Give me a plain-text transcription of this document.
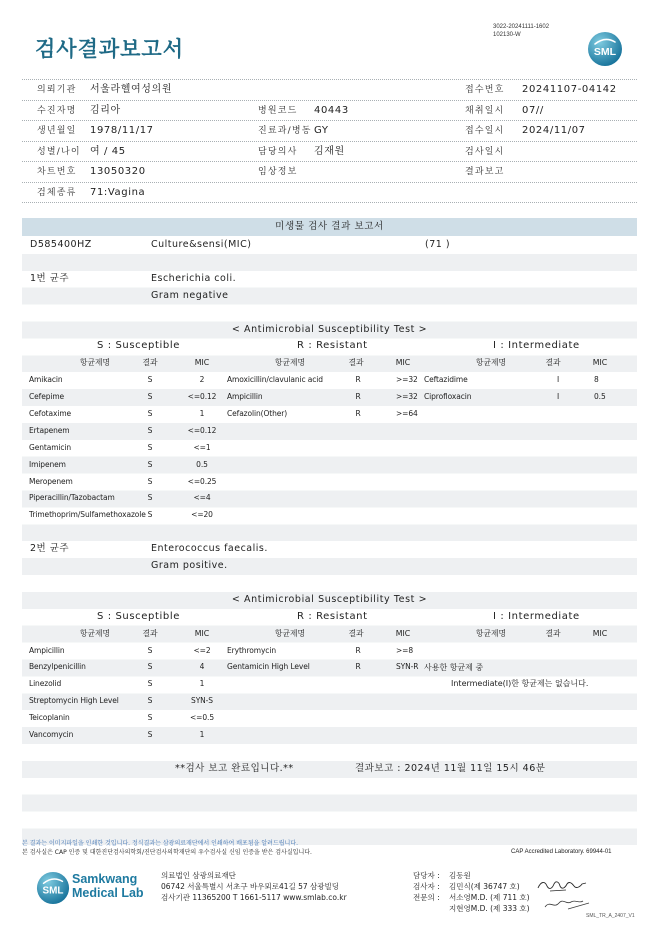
3022-20241111-1602
102130-W
검사결과보고서	SML
의뢰기관 서울라헬여성의원	접수번호 20241107-04142
수진자명 김리아	병원코드 40443	채취일시 07//
생년월일 1978/11/17	진료과/병동 GY	접수일시 2024/11/07
성별/나이 여 / 45	담당의사 김재원	검사일시
차트번호 13050320	임상정보	결과보고
검체종류 71:Vagina
미생물 검사 결과 보고서
D585400HZ	Culture&sensi(MIC)	(71 )
1번 균주	Escherichia coli.
Gram negative
< Antimicrobial Susceptibility Test >
S : Susceptible	R : Resistant	I : Intermediate
항균제명	결과	MIC	항균제명	결과	MIC	항균제명	결과	MIC
Amikacin	S	2	Amoxicillin/clavulanic acid	R	>=32 Ceftazidime	I	8
Cefepime	S	<=0.12	Ampicillin	R	>=32 Ciprofloxacin	I	0.5
Cefotaxime	S	1	Cefazolin(Other)	R	>=64
Ertapenem	S	<=0.12
Gentamicin	S	<=1
Imipenem	S	0.5
Meropenem	S	<=0.25
Piperacillin/Tazobactam	S	<=4
Trimethoprim/Sulfamethoxazole S	<=20
2번 균주	Enterococcus faecalis.
Gram positive.
< Antimicrobial Susceptibility Test >
S : Susceptible	R : Resistant	I : Intermediate
항균제명	결과	MIC	항균제명	결과	MIC	항균제명	결과	MIC
Ampicillin	S	<=2	Erythromycin	R	>=8
Benzylpenicillin	S	4	Gentamicin High Level	R	SYN-R
Linezolid	S	1
Streptomycin High Level	S	SYN-S
Teicoplanin	S	<=0.5
Vancomycin	S	1
사용한 항균제 중
Intermediate(I)한 항균제는 없습니다.
**검사 보고 완료입니다.**	결과보고 : 2024년 11월 11일 15시 46분
본 결과는 이미지파일을 인쇄한 것입니다. 정식결과는 삼광의료재단에서 인쇄하여 배포됨을 알려드립니다.
본 검사실은 CAP 인증 및 대한진단검사의학회/진단검사의학재단의 우수검사실 신임 인증을 받은 검사실입니다.	CAP Accredited Laboratory. 69944-01
SML
Samkwang
Medical Lab
의료법인 삼광의료재단
06742 서울특별시 서초구 바우뫼로41길 57 삼광빌딩
검사기관 11365200 T 1661-5117 www.smlab.co.kr
담당자 : 김동원
검사자 : 김민식(제 36747 호)
전문의 : 서소영M.D. (제 711 호)
지현영M.D. (제 333 호)
SML_TR_A_2407_V1
